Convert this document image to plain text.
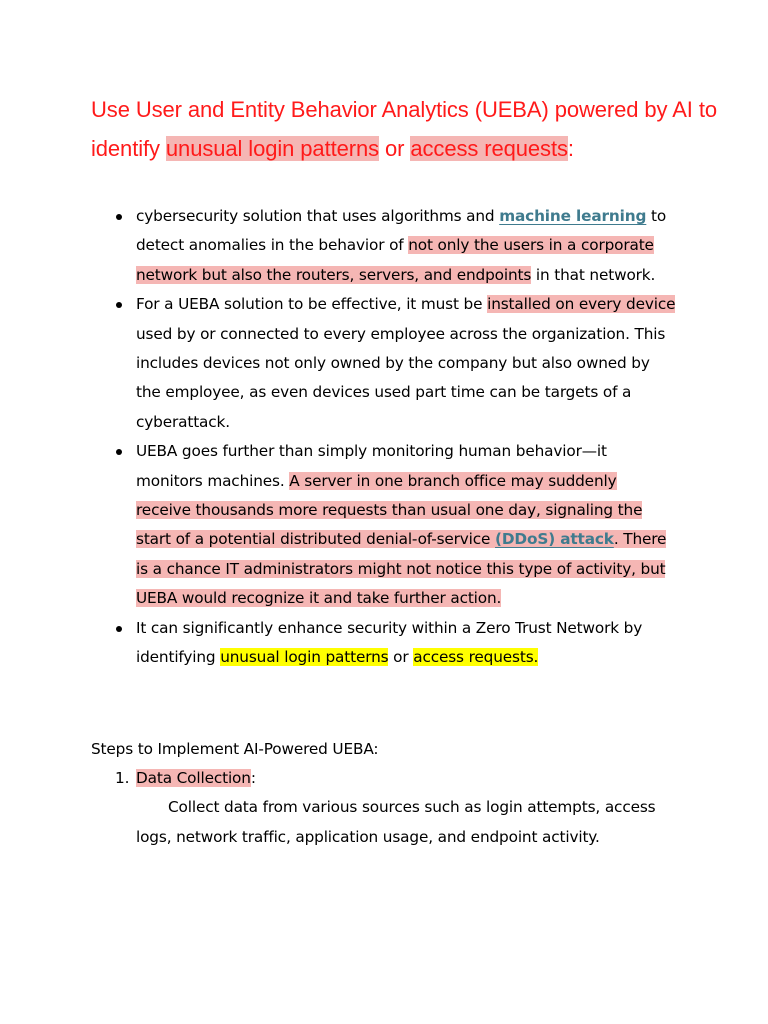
Use User and Entity Behavior Analytics (UEBA) powered by AI to identify unusual login patterns or access requests:
cybersecurity solution that uses algorithms and machine learning to detect anomalies in the behavior of not only the users in a corporate network but also the routers, servers, and endpoints in that network.
For a UEBA solution to be effective, it must be installed on every device used by or connected to every employee across the organization. This includes devices not only owned by the company but also owned by the employee, as even devices used part time can be targets of a cyberattack.
UEBA goes further than simply monitoring human behavior—it monitors machines. A server in one branch office may suddenly receive thousands more requests than usual one day, signaling the start of a potential distributed denial-of-service (DDoS) attack. There is a chance IT administrators might not notice this type of activity, but UEBA would recognize it and take further action.
It can significantly enhance security within a Zero Trust Network by identifying unusual login patterns or access requests.
Steps to Implement AI-Powered UEBA:
1. Data Collection:
Collect data from various sources such as login attempts, access logs, network traffic, application usage, and endpoint activity.
